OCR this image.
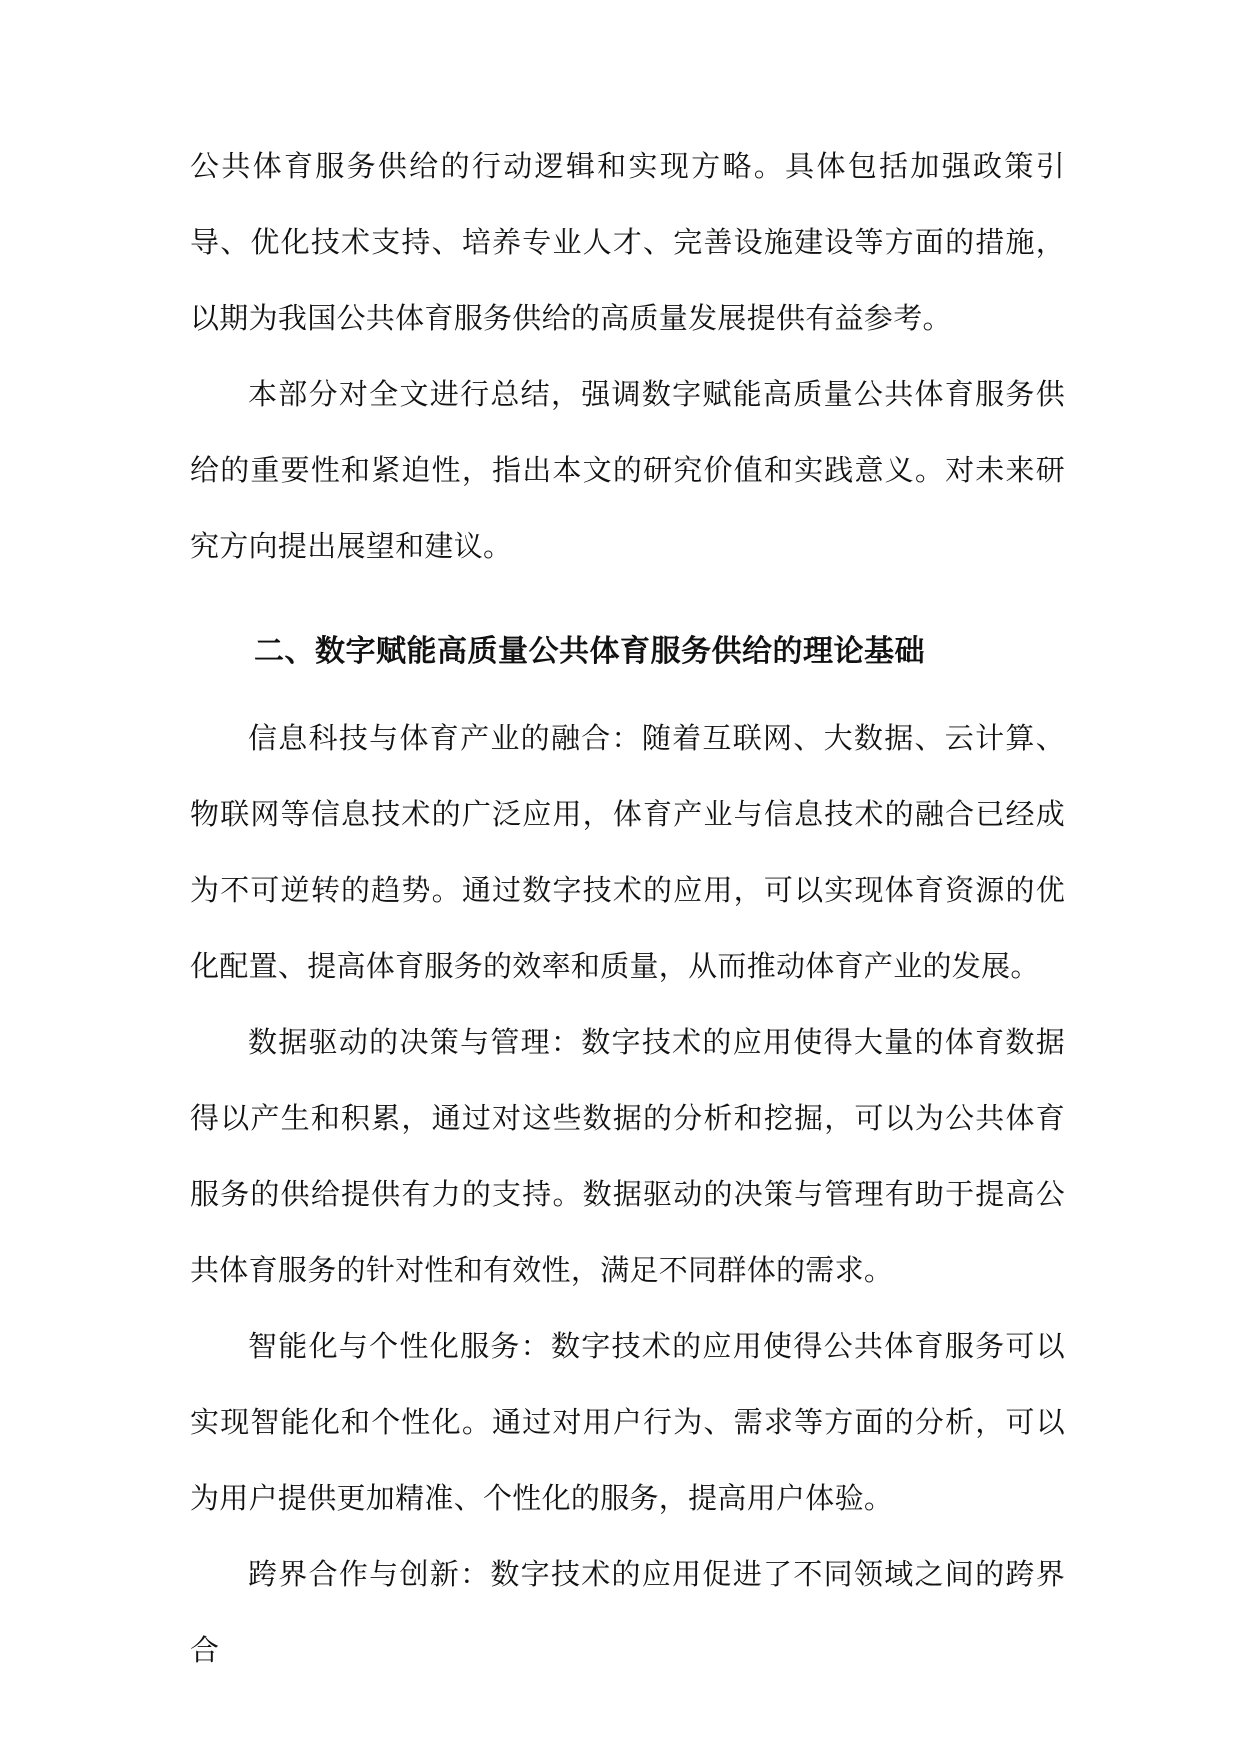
公共体育服务供给的行动逻辑和实现方略。具体包括加强政策引导、优化技术支持、培养专业人才、完善设施建设等方面的措施，以期为我国公共体育服务供给的高质量发展提供有益参考。

本部分对全文进行总结，强调数字赋能高质量公共体育服务供给的重要性和紧迫性，指出本文的研究价值和实践意义。对未来研究方向提出展望和建议。

二、数字赋能高质量公共体育服务供给的理论基础

信息科技与体育产业的融合：随着互联网、大数据、云计算、物联网等信息技术的广泛应用，体育产业与信息技术的融合已经成为不可逆转的趋势。通过数字技术的应用，可以实现体育资源的优化配置、提高体育服务的效率和质量，从而推动体育产业的发展。

数据驱动的决策与管理：数字技术的应用使得大量的体育数据得以产生和积累，通过对这些数据的分析和挖掘，可以为公共体育服务的供给提供有力的支持。数据驱动的决策与管理有助于提高公共体育服务的针对性和有效性，满足不同群体的需求。

智能化与个性化服务：数字技术的应用使得公共体育服务可以实现智能化和个性化。通过对用户行为、需求等方面的分析，可以为用户提供更加精准、个性化的服务，提高用户体验。

跨界合作与创新：数字技术的应用促进了不同领域之间的跨界合
